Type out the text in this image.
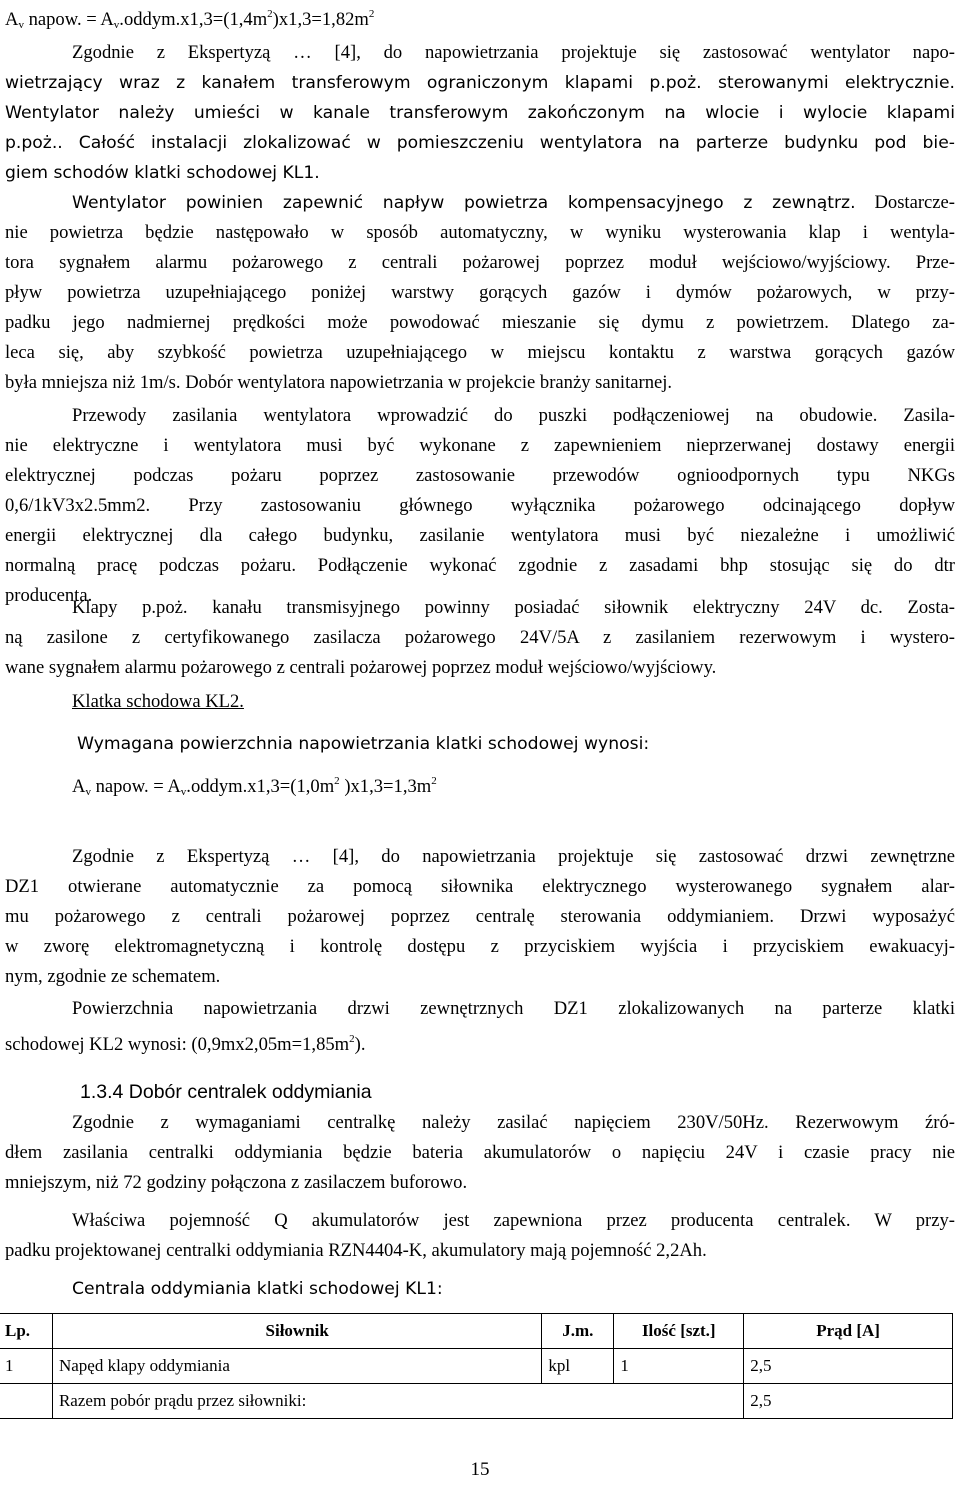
$A_v$ napow. = $A_v.oddym.x1,3=(1,4m^2)x1,3=1,82m^2$

Zgodnie z Ekspertyzą … [4], do napowietrzania projektuje się zastosować wentylator napo-
wietrzający wraz z kanałem transferowym ograniczonym klapami p.poż. sterowanymi elektrycznie.
Wentylator należy umieści w kanale transferowym zakończonym na wlocie i wylocie klapami
p.poż.. Całość instalacji zlokalizować w pomieszczeniu wentylatora na parterze budynku pod bie-
giem schodów klatki schodowej KL1.
Wentylator powinien zapewnić napływ powietrza kompensacyjnego z zewnątrz. Dostarcze-
nie powietrza będzie następowało w sposób automatyczny, w wyniku wysterowania klap i wentyla-
tora sygnałem alarmu pożarowego z centrali pożarowej poprzez moduł wejściowo/wyjściowy. Prze-
pływ powietrza uzupełniającego poniżej warstwy gorących gazów i dymów pożarowych, w przy-
padku jego nadmiernej prędkości może powodować mieszanie się dymu z powietrzem. Dlatego za-
leca się, aby szybkość powietrza uzupełniającego w miejscu kontaktu z warstwa gorących gazów
była mniejsza niż 1m/s. Dobór wentylatora napowietrzania w projekcie branży sanitarnej.
Przewody zasilania wentylatora wprowadzić do puszki podłączeniowej na obudowie. Zasila-
nie elektryczne i wentylatora musi być wykonane z zapewnieniem nieprzerwanej dostawy energii
elektrycznej podczas pożaru poprzez zastosowanie przewodów ognioodpornych typu NKGs
0,6/1kV3x2.5mm2. Przy zastosowaniu głównego wyłącznika pożarowego odcinającego dopływ
energii elektrycznej dla całego budynku, zasilanie wentylatora musi być niezależne i umożliwić
normalną pracę podczas pożaru. Podłączenie wykonać zgodnie z zasadami bhp stosując się do dtr
producenta.
Klapy p.poż. kanału transmisyjnego powinny posiadać siłownik elektryczny 24V dc. Zosta-
ną zasilone z certyfikowanego zasilacza pożarowego 24V/5A z zasilaniem rezerwowym i wystero-
wane sygnałem alarmu pożarowego z centrali pożarowej poprzez moduł wejściowo/wyjściowy.

Klatka schodowa KL2.

Wymagana powierzchnia napowietrzania klatki schodowej wynosi:

$A_v$ napow. = $A_v.oddym.x1,3=(1,0m^2$ )$x1,3=1,3m^2$

Zgodnie z Ekspertyzą … [4], do napowietrzania projektuje się zastosować drzwi zewnętrzne
DZ1 otwierane automatycznie za pomocą siłownika elektrycznego wysterowanego sygnałem alar-
mu pożarowego z centrali pożarowej poprzez centralę sterowania oddymianiem. Drzwi wyposażyć
w zworę elektromagnetyczną i kontrolę dostępu z przyciskiem wyjścia i przyciskiem ewakuacyj-
nym, zgodnie ze schematem.
Powierzchnia napowietrzania drzwi zewnętrznych DZ1 zlokalizowanych na parterze klatki
schodowej KL2 wynosi: $(0,9mx2,05m=1,85m^2)$.

1.3.4 Dobór centralek oddymiania

Zgodnie z wymaganiami centralkę należy zasilać napięciem 230V/50Hz. Rezerwowym źró-
dłem zasilania centralki oddymiania będzie bateria akumulatorów o napięciu 24V i czasie pracy nie
mniejszym, niż 72 godziny połączona z zasilaczem buforowo.
Właściwa pojemność Q akumulatorów jest zapewniona przez producenta centralek. W przy-
padku projektowanej centralki oddymiania RZN4404-K, akumulatory mają pojemność 2,2Ah.

Centrala oddymiania klatki schodowej KL1:

15
Lp.	Siłownik	J.m.	Ilość [szt.]	Prąd [A]
1	Napęd klapy oddymiania	kpl	1	2,5
	Razem pobór prądu przez siłowniki:			2,5
